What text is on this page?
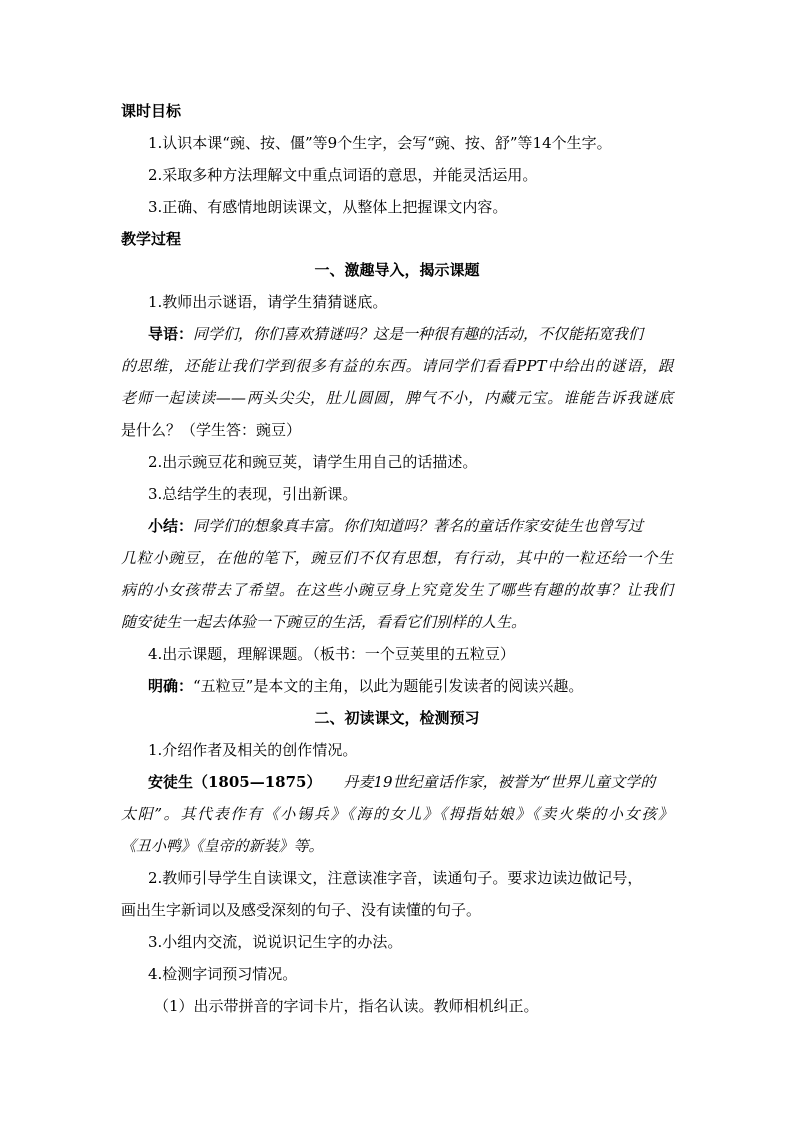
课时目标
1.认识本课“豌、按、僵”等9个生字，会写“豌、按、舒”等14个生字。
2.采取多种方法理解文中重点词语的意思，并能灵活运用。
3.正确、有感情地朗读课文，从整体上把握课文内容。
教学过程
一、激趣导入，揭示课题
1.教师出示谜语，请学生猜猜谜底。
导语：同学们，你们喜欢猜谜吗？这是一种很有趣的活动，不仅能拓宽我们
的思维，还能让我们学到很多有益的东西。请同学们看看PPT中给出的谜语，跟
老师一起读读——两头尖尖，肚儿圆圆，脾气不小，内藏元宝。谁能告诉我谜底
是什么？（学生答：豌豆）
2.出示豌豆花和豌豆荚，请学生用自己的话描述。
3.总结学生的表现，引出新课。
小结：同学们的想象真丰富。你们知道吗？著名的童话作家安徒生也曾写过
几粒小豌豆，在他的笔下，豌豆们不仅有思想，有行动，其中的一粒还给一个生
病的小女孩带去了希望。在这些小豌豆身上究竟发生了哪些有趣的故事？让我们
随安徒生一起去体验一下豌豆的生活，看看它们别样的人生。
4.出示课题，理解课题。（板书：一个豆荚里的五粒豆）
明确：“五粒豆”是本文的主角，以此为题能引发读者的阅读兴趣。
二、初读课文，检测预习
1.介绍作者及相关的创作情况。
安徒生（1805—1875） 丹麦19世纪童话作家，被誉为“世界儿童文学的
太阳”。其代表作有《小锡兵》《海的女儿》《拇指姑娘》《卖火柴的小女孩》
《丑小鸭》《皇帝的新装》等。
2.教师引导学生自读课文，注意读准字音，读通句子。要求边读边做记号，
画出生字新词以及感受深刻的句子、没有读懂的句子。
3.小组内交流，说说识记生字的办法。
4.检测字词预习情况。
（1）出示带拼音的字词卡片，指名认读。教师相机纠正。
